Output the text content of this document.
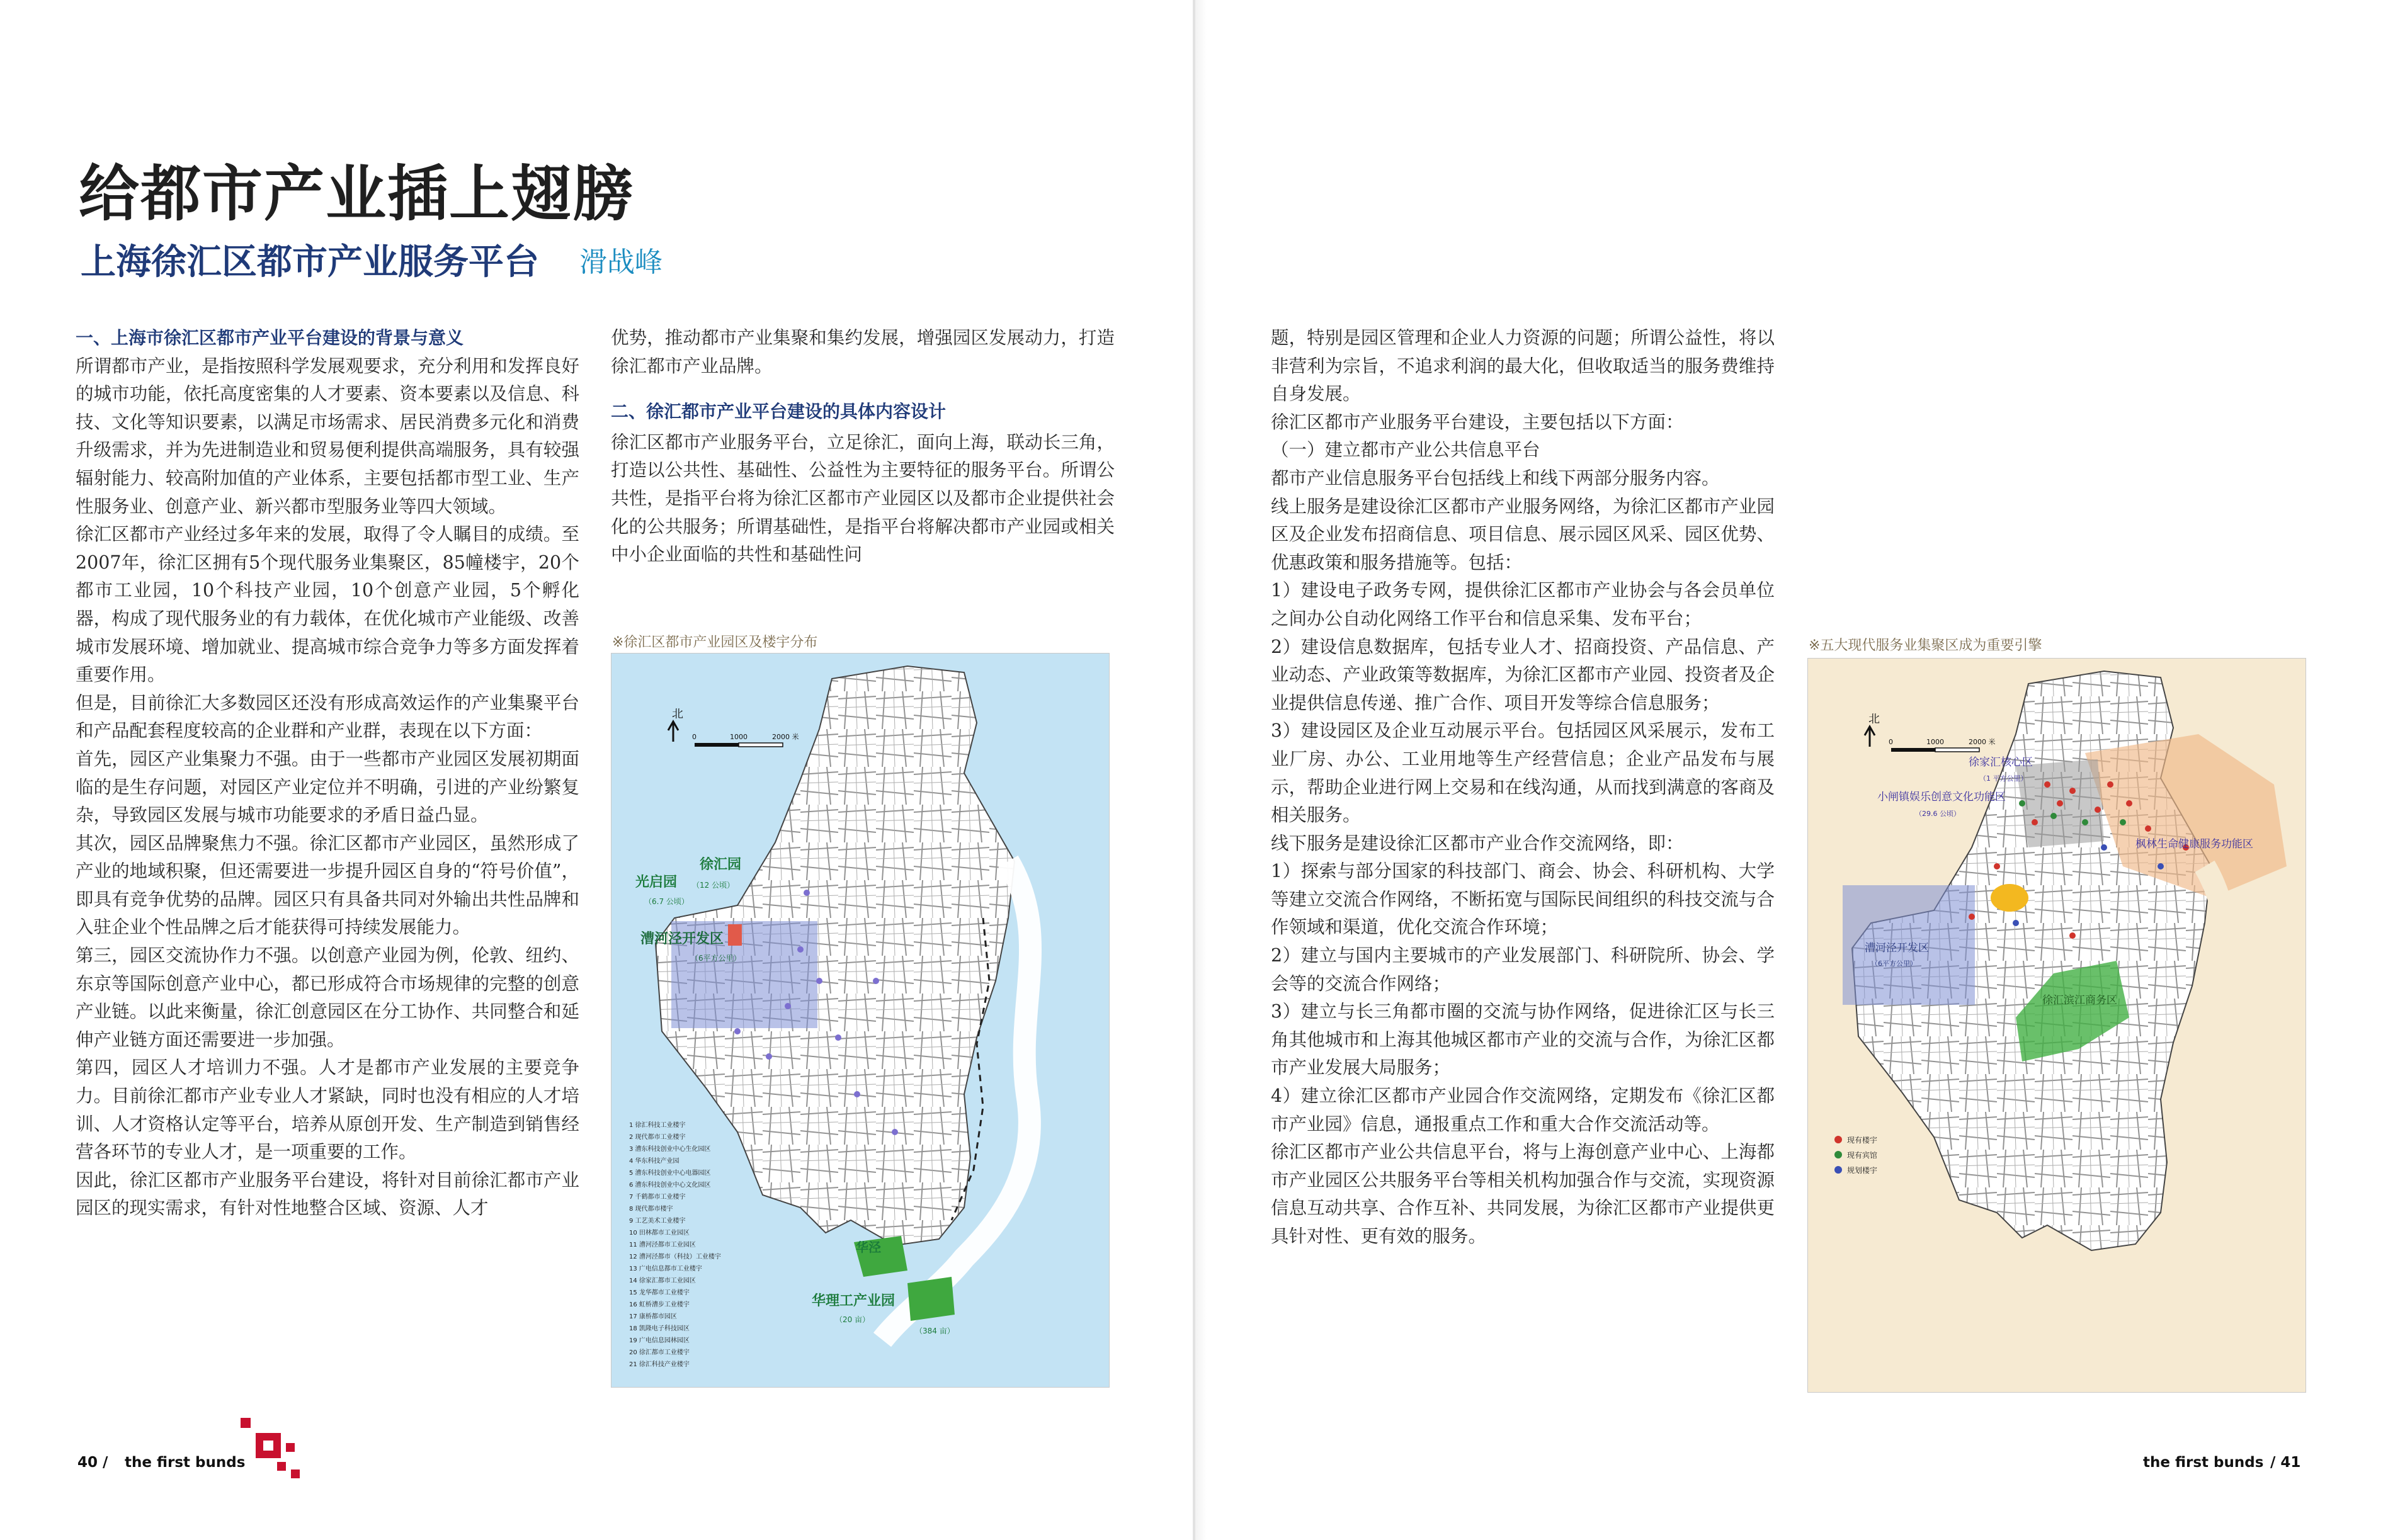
给都市产业插上翅膀
上海徐汇区都市产业服务平台 滑战峰
一、上海市徐汇区都市产业平台建设的背景与意义

所谓都市产业，是指按照科学发展观要求，充分利用和发挥良好的城市功能，依托高度密集的人才要素、资本要素以及信息、科技、文化等知识要素，以满足市场需求、居民消费多元化和消费升级需求，并为先进制造业和贸易便利提供高端服务，具有较强辐射能力、较高附加值的产业体系，主要包括都市型工业、生产性服务业、创意产业、新兴都市型服务业等四大领域。

徐汇区都市产业经过多年来的发展，取得了令人瞩目的成绩。至2007年，徐汇区拥有5个现代服务业集聚区，85幢楼宇，20个都市工业园，10个科技产业园，10个创意产业园，5个孵化器，构成了现代服务业的有力载体，在优化城市产业能级、改善城市发展环境、增加就业、提高城市综合竞争力等多方面发挥着重要作用。

但是，目前徐汇大多数园区还没有形成高效运作的产业集聚平台和产品配套程度较高的企业群和产业群，表现在以下方面：

首先，园区产业集聚力不强。由于一些都市产业园区发展初期面临的是生存问题，对园区产业定位并不明确，引进的产业纷繁复杂，导致园区发展与城市功能要求的矛盾日益凸显。

其次，园区品牌聚焦力不强。徐汇区都市产业园区，虽然形成了产业的地域积聚，但还需要进一步提升园区自身的“符号价值”，即具有竞争优势的品牌。园区只有具备共同对外输出共性品牌和入驻企业个性品牌之后才能获得可持续发展能力。

第三，园区交流协作力不强。以创意产业园为例，伦敦、纽约、东京等国际创意产业中心，都已形成符合市场规律的完整的创意产业链。以此来衡量，徐汇创意园区在分工协作、共同整合和延伸产业链方面还需要进一步加强。

第四，园区人才培训力不强。人才是都市产业发展的主要竞争力。目前徐汇都市产业专业人才紧缺，同时也没有相应的人才培训、人才资格认定等平台，培养从原创开发、生产制造到销售经营各环节的专业人才，是一项重要的工作。

因此，徐汇区都市产业服务平台建设，将针对目前徐汇都市产业园区的现实需求，有针对性地整合区域、资源、人才

优势，推动都市产业集聚和集约发展，增强园区发展动力，打造徐汇都市产业品牌。

二、徐汇都市产业平台建设的具体内容设计

徐汇区都市产业服务平台，立足徐汇，面向上海，联动长三角，打造以公共性、基础性、公益性为主要特征的服务平台。所谓公共性，是指平台将为徐汇区都市产业园区以及都市企业提供社会化的公共服务；所谓基础性，是指平台将解决都市产业园或相关中小企业面临的共性和基础性问

※徐汇区都市产业园区及楼宇分布
北
0	1000	2000 米
光启园
（6.7 公顷）
徐汇园
（12 公顷）
漕河泾开发区
（6平方公里）
华泾
华理工产业园
（20 亩）
（384 亩）
1 徐汇科技工业楼宇
2 现代都市工业楼宇
3 漕东科技创业中心生化园区
4 华东科技产业园
5 漕东科技创业中心电器园区
6 漕东科技创业中心文化园区
7 千鹤都市工业楼宇
8 现代都市楼宇
9 工艺美术工业楼宇
10 田林都市工业园区
11 漕河泾都市工业园区
12 漕河泾都市（科技）工业楼宇
13 广电信息都市工业楼宇
14 徐家汇都市工业园区
15 龙华都市工业楼宇
16 虹桥漕步工业楼宇
17 康桥都市园区
18 凯隆电子科技园区
19 广电信息园林园区
20 徐汇都市工业楼宇
21 徐汇科技产业楼宇

题，特别是园区管理和企业人力资源的问题；所谓公益性，将以非营利为宗旨，不追求利润的最大化，但收取适当的服务费维持自身发展。

徐汇区都市产业服务平台建设，主要包括以下方面：

（一）建立都市产业公共信息平台

都市产业信息服务平台包括线上和线下两部分服务内容。

线上服务是建设徐汇区都市产业服务网络，为徐汇区都市产业园区及企业发布招商信息、项目信息、展示园区风采、园区优势、优惠政策和服务措施等。包括：

1）建设电子政务专网，提供徐汇区都市产业协会与各会员单位之间办公自动化网络工作平台和信息采集、发布平台；

2）建设信息数据库，包括专业人才、招商投资、产品信息、产业动态、产业政策等数据库，为徐汇区都市产业园、投资者及企业提供信息传递、推广合作、项目开发等综合信息服务；

3）建设园区及企业互动展示平台。包括园区风采展示，发布工业厂房、办公、工业用地等生产经营信息；企业产品发布与展示，帮助企业进行网上交易和在线沟通，从而找到满意的客商及相关服务。

线下服务是建设徐汇区都市产业合作交流网络，即：

1）探索与部分国家的科技部门、商会、协会、科研机构、大学等建立交流合作网络，不断拓宽与国际民间组织的科技交流与合作领域和渠道，优化交流合作环境；

2）建立与国内主要城市的产业发展部门、科研院所、协会、学会等的交流合作网络；

3）建立与长三角都市圈的交流与协作网络，促进徐汇区与长三角其他城市和上海其他城区都市产业的交流与合作，为徐汇区都市产业发展大局服务；

4）建立徐汇区都市产业园合作交流网络，定期发布《徐汇区都市产业园》信息，通报重点工作和重大合作交流活动等。

徐汇区都市产业公共信息平台，将与上海创意产业中心、上海都市产业园区公共服务平台等相关机构加强合作与交流，实现资源信息互动共享、合作互补、共同发展，为徐汇区都市产业提供更具针对性、更有效的服务。

※五大现代服务业集聚区成为重要引擎
北
0	1000	2000 米
徐家汇核心区
（1 平方公里）
小闸镇娱乐创意文化功能区
（29.6 公顷）
枫林生命健康服务功能区
漕河泾开发区
（6平方公里）
徐汇滨江商务区
现有楼宇
现有宾馆
规划楼宇
40 / the first bunds	the first bunds / 41
